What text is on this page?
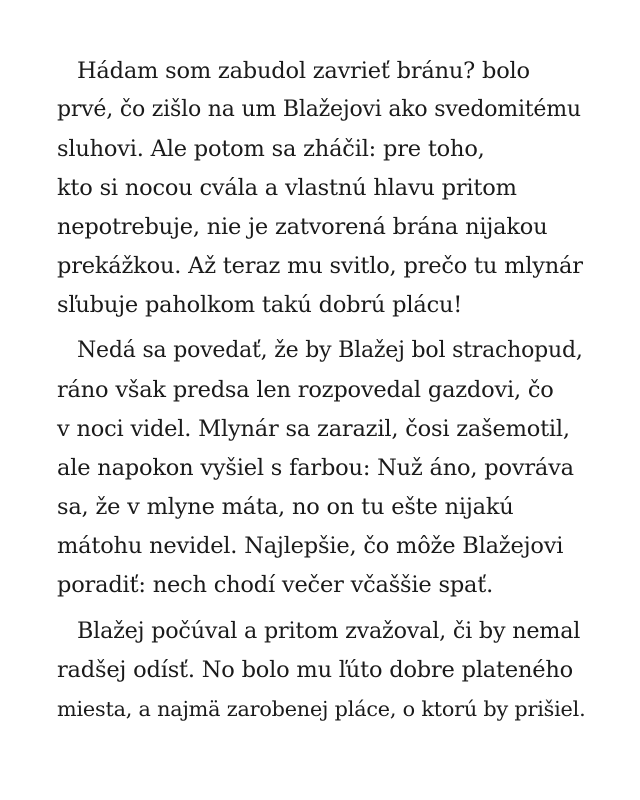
Hádam som zabudol zavrieť bránu? bolo
prvé, čo zišlo na um Blažejovi ako svedomitému
sluhovi. Ale potom sa zháčil: pre toho,
kto si nocou cvála a vlastnú hlavu pritom
nepotrebuje, nie je zatvorená brána nijakou
prekážkou. Až teraz mu svitlo, prečo tu mlynár
sľubuje paholkom takú dobrú plácu!
Nedá sa povedať, že by Blažej bol strachopud,
ráno však predsa len rozpovedal gazdovi, čo
v noci videl. Mlynár sa zarazil, čosi zašemotil,
ale napokon vyšiel s farbou: Nuž áno, povráva
sa, že v mlyne máta, no on tu ešte nijakú
mátohu nevidel. Najlepšie, čo môže Blažejovi
poradiť: nech chodí večer včaššie spať.
Blažej počúval a pritom zvažoval, či by nemal
radšej odísť. No bolo mu ľúto dobre plateného
miesta, a najmä zarobenej pláce, o ktorú by prišiel.
